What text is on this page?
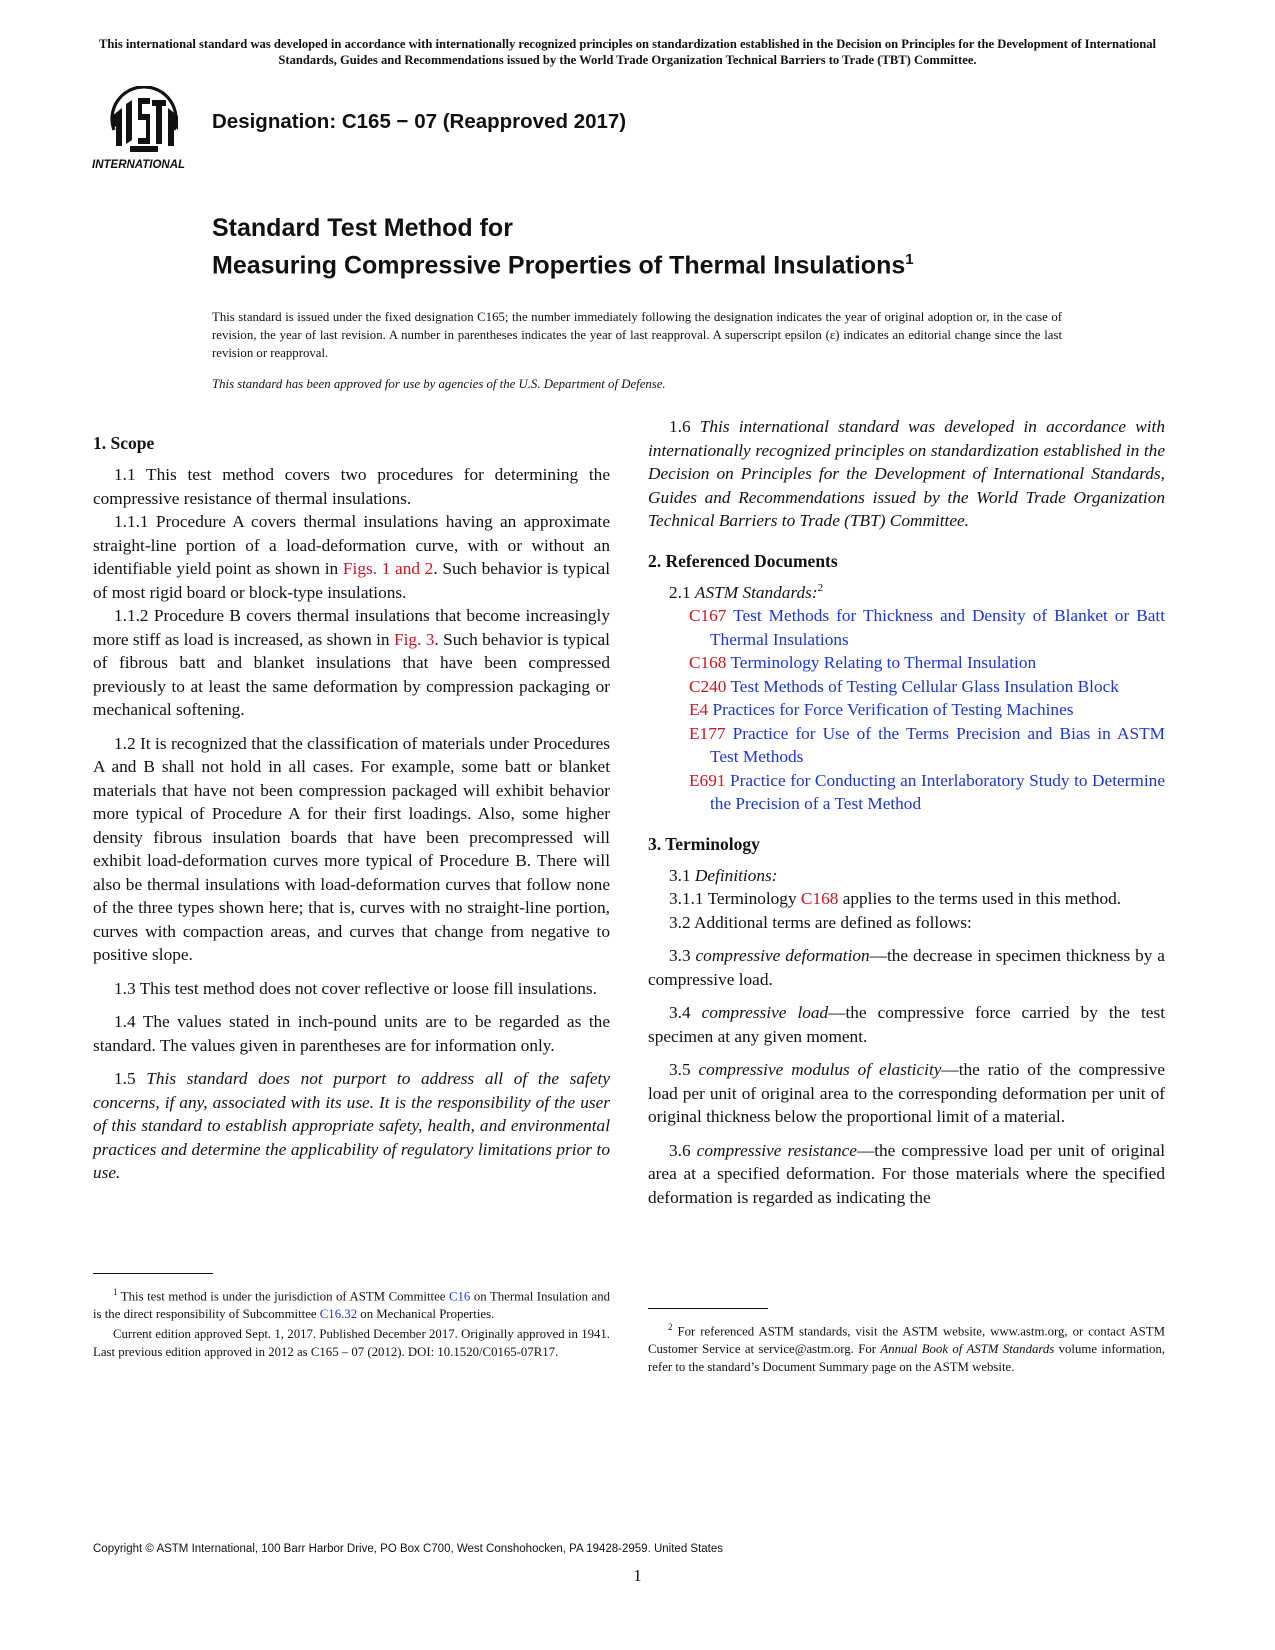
This international standard was developed in accordance with internationally recognized principles on standardization established in the Decision on Principles for the Development of International Standards, Guides and Recommendations issued by the World Trade Organization Technical Barriers to Trade (TBT) Committee.
INTERNATIONAL
Designation: C165 − 07 (Reapproved 2017)
Standard Test Method for
Measuring Compressive Properties of Thermal Insulations$^1$
This standard is issued under the fixed designation C165; the number immediately following the designation indicates the year of original adoption or, in the case of revision, the year of last revision. A number in parentheses indicates the year of last reapproval. A superscript epsilon (ε) indicates an editorial change since the last revision or reapproval.
This standard has been approved for use by agencies of the U.S. Department of Defense.
1. Scope

1.1 This test method covers two procedures for determining the compressive resistance of thermal insulations.

1.1.1 Procedure A covers thermal insulations having an approximate straight-line portion of a load-deformation curve, with or without an identifiable yield point as shown in Figs. 1 and 2. Such behavior is typical of most rigid board or block-type insulations.

1.1.2 Procedure B covers thermal insulations that become increasingly more stiff as load is increased, as shown in Fig. 3. Such behavior is typical of fibrous batt and blanket insulations that have been compressed previously to at least the same deformation by compression packaging or mechanical softening.

1.2 It is recognized that the classification of materials under Procedures A and B shall not hold in all cases. For example, some batt or blanket materials that have not been compression packaged will exhibit behavior more typical of Procedure A for their first loadings. Also, some higher density fibrous insulation boards that have been precompressed will exhibit load-deformation curves more typical of Procedure B. There will also be thermal insulations with load-deformation curves that follow none of the three types shown here; that is, curves with no straight-line portion, curves with compaction areas, and curves that change from negative to positive slope.

1.3 This test method does not cover reflective or loose fill insulations.

1.4 The values stated in inch-pound units are to be regarded as the standard. The values given in parentheses are for information only.

1.5 This standard does not purport to address all of the safety concerns, if any, associated with its use. It is the responsibility of the user of this standard to establish appropriate safety, health, and environmental practices and determine the applicability of regulatory limitations prior to use.

1.6 This international standard was developed in accordance with internationally recognized principles on standardization established in the Decision on Principles for the Development of International Standards, Guides and Recommendations issued by the World Trade Organization Technical Barriers to Trade (TBT) Committee.

2. Referenced Documents

2.1 ASTM Standards:$^2$

C167 Test Methods for Thickness and Density of Blanket or Batt Thermal Insulations
C168 Terminology Relating to Thermal Insulation
C240 Test Methods of Testing Cellular Glass Insulation Block
E4 Practices for Force Verification of Testing Machines
E177 Practice for Use of the Terms Precision and Bias in ASTM Test Methods
E691 Practice for Conducting an Interlaboratory Study to Determine the Precision of a Test Method
3. Terminology

3.1 Definitions:

3.1.1 Terminology C168 applies to the terms used in this method.

3.2 Additional terms are defined as follows:

3.3 compressive deformation—the decrease in specimen thickness by a compressive load.

3.4 compressive load—the compressive force carried by the test specimen at any given moment.

3.5 compressive modulus of elasticity—the ratio of the compressive load per unit of original area to the corresponding deformation per unit of original thickness below the proportional limit of a material.

3.6 compressive resistance—the compressive load per unit of original area at a specified deformation. For those materials where the specified deformation is regarded as indicating the

$^1$ This test method is under the jurisdiction of ASTM Committee C16 on Thermal Insulation and is the direct responsibility of Subcommittee C16.32 on Mechanical Properties.

Current edition approved Sept. 1, 2017. Published December 2017. Originally approved in 1941. Last previous edition approved in 2012 as C165 – 07 (2012). DOI: 10.1520/C0165-07R17.

$^2$ For referenced ASTM standards, visit the ASTM website, www.astm.org, or contact ASTM Customer Service at service@astm.org. For Annual Book of ASTM Standards volume information, refer to the standard’s Document Summary page on the ASTM website.

Copyright © ASTM International, 100 Barr Harbor Drive, PO Box C700, West Conshohocken, PA 19428-2959. United States
1
